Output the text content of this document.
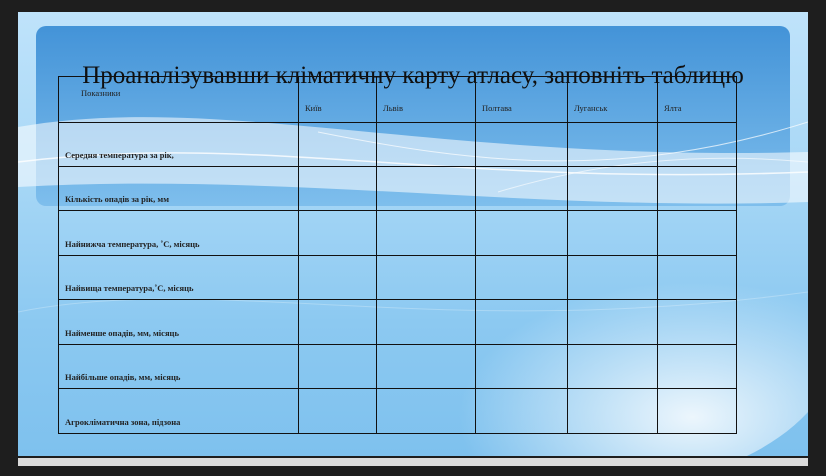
Проаналізувавши кліматичну карту атласу, заповніть таблицю
Показники	Київ	Львів	Полтава	Луганськ	Ялта
Середня температура за рік,					
Кількість опадів за рік, мм					
Найнижча температура, ˚С, місяць					
Найвища температура,˚С, місяць					
Найменше опадів, мм, місяць					
Найбільше опадів, мм, місяць					
Агрокліматична зона, підзона					
